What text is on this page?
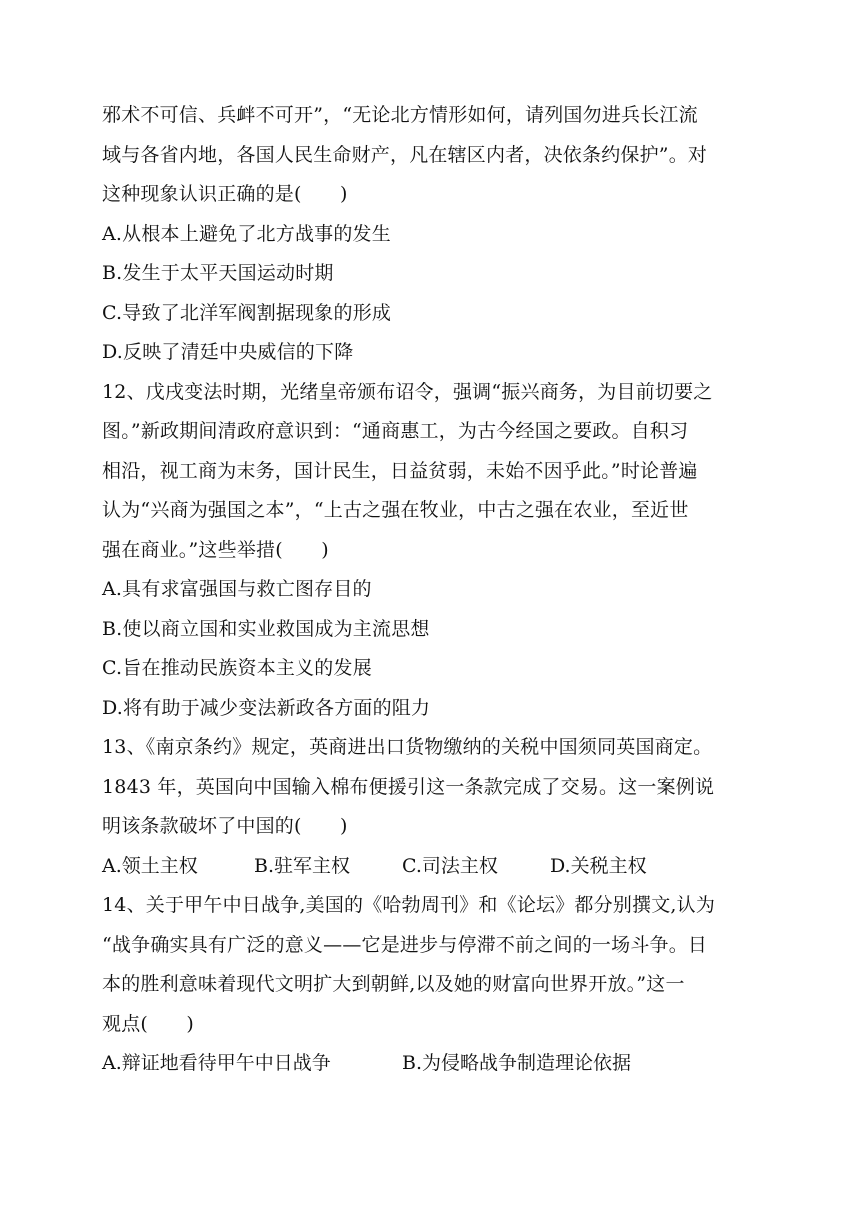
邪术不可信、兵衅不可开”，“无论北方情形如何，请列国勿进兵长江流
域与各省内地，各国人民生命财产，凡在辖区内者，决依条约保护”。对
这种现象认识正确的是(　　)
A.从根本上避免了北方战事的发生
B.发生于太平天国运动时期
C.导致了北洋军阀割据现象的形成
D.反映了清廷中央威信的下降
12、戊戌变法时期，光绪皇帝颁布诏令，强调“振兴商务，为目前切要之
图。”新政期间清政府意识到：“通商惠工，为古今经国之要政。自积习
相沿，视工商为末务，国计民生，日益贫弱，未始不因乎此。”时论普遍
认为“兴商为强国之本”，“上古之强在牧业，中古之强在农业，至近世
强在商业。”这些举措(　　)
A.具有求富强国与救亡图存目的
B.使以商立国和实业救国成为主流思想
C.旨在推动民族资本主义的发展
D.将有助于减少变法新政各方面的阻力
13、《南京条约》规定，英商进出口货物缴纳的关税中国须同英国商定。
1843 年，英国向中国输入棉布便援引这一条款完成了交易。这一案例说
明该条款破坏了中国的(　　)
A.领土主权	B.驻军主权	C.司法主权	D.关税主权
14、关于甲午中日战争,美国的《哈勃周刊》和《论坛》都分别撰文,认为
“战争确实具有广泛的意义——它是进步与停滞不前之间的一场斗争。日
本的胜利意味着现代文明扩大到朝鲜,以及她的财富向世界开放。”这一
观点(　　)
A.辩证地看待甲午中日战争	B.为侵略战争制造理论依据
